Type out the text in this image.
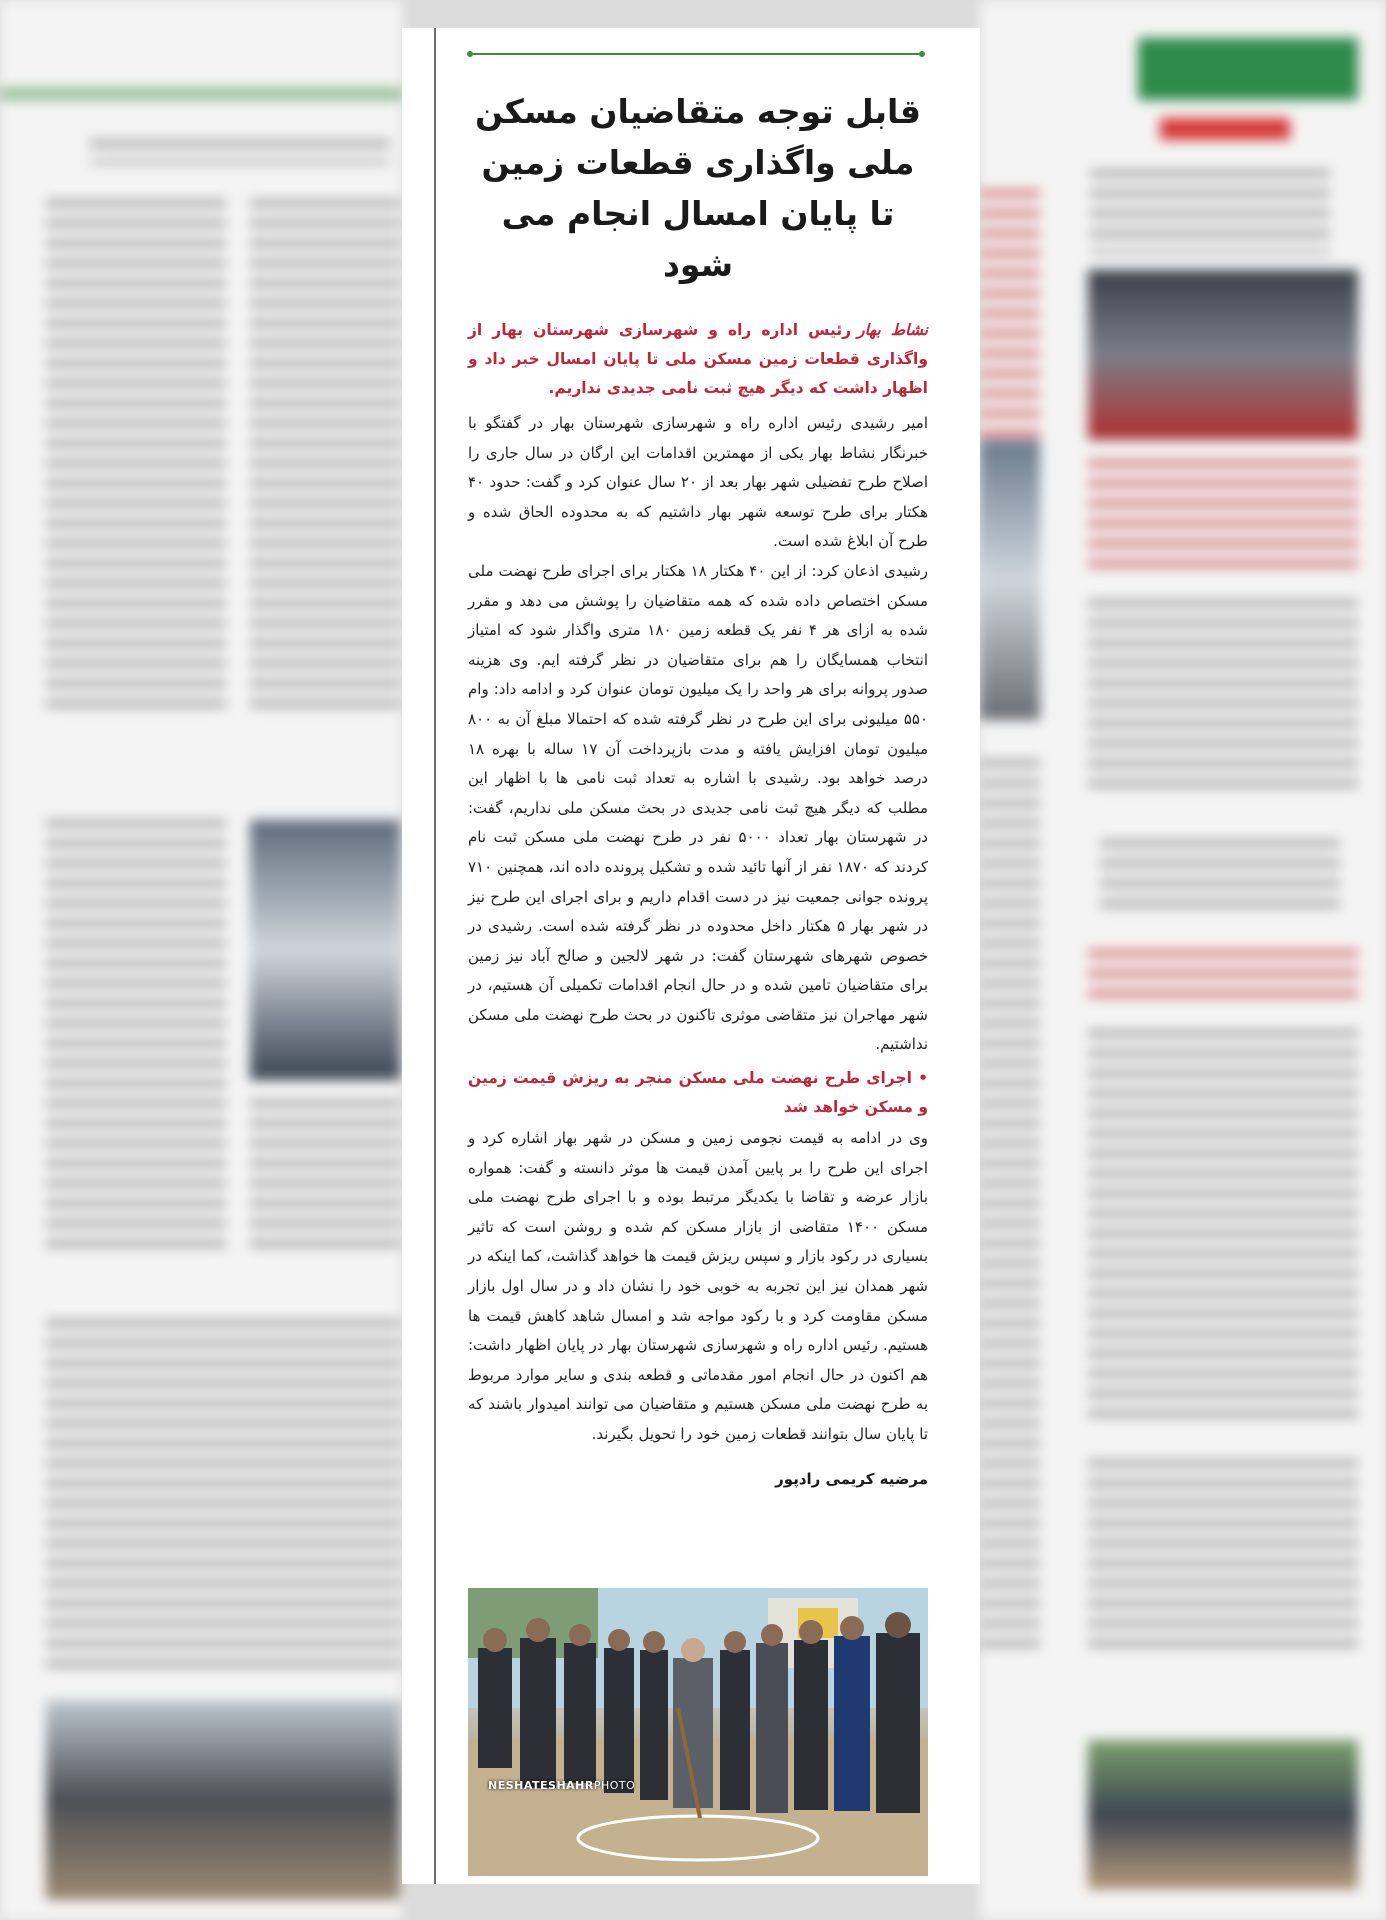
قابل توجه متقاضیان مسکن ملی واگذاری قطعات زمین تا پایان امسال انجام می شود

نشاط بهاررئیس اداره راه و شهرسازی شهرستان بهار از واگذاری قطعات زمین مسکن ملی تا پایان امسال خبر داد و اظهار داشت که دیگر هیچ ثبت نامی جدیدی نداریم.

امیر رشیدی رئیس اداره راه و شهرسازی شهرستان بهار در گفتگو با خبرنگار نشاط بهار یکی از مهمترین اقدامات این ارگان در سال جاری را اصلاح طرح تفضیلی شهر بهار بعد از ۲۰ سال عنوان کرد و گفت: حدود ۴۰ هکتار برای طرح توسعه شهر بهار داشتیم که به محدوده الحاق شده و طرح آن ابلاغ شده است.

رشیدی اذعان کرد: از این ۴۰ هکتار ۱۸ هکتار برای اجرای طرح نهضت ملی مسکن اختصاص داده شده که همه متقاضیان را پوشش می دهد و مقرر شده به ازای هر ۴ نفر یک قطعه زمین ۱۸۰ متری واگذار شود که امتیاز انتخاب همسایگان را هم برای متقاضیان در نظر گرفته ایم. وی هزینه صدور پروانه برای هر واحد را یک میلیون تومان عنوان کرد و ادامه داد: وام ۵۵۰ میلیونی برای این طرح در نظر گرفته شده که احتمالا مبلغ آن به ۸۰۰ میلیون تومان افزایش یافته و مدت بازپرداخت آن ۱۷ ساله با بهره ۱۸ درصد خواهد بود. رشیدی با اشاره به تعداد ثبت نامی ها با اظهار این مطلب که دیگر هیچ ثبت نامی جدیدی در بحث مسکن ملی نداریم، گفت: در شهرستان بهار تعداد ۵۰۰۰ نفر در طرح نهضت ملی مسکن ثبت نام کردند که ۱۸۷۰ نفر از آنها تائید شده و تشکیل پرونده داده اند، همچنین ۷۱۰ پرونده جوانی جمعیت نیز در دست اقدام داریم و برای اجرای این طرح نیز در شهر بهار ۵ هکتار داخل محدوده در نظر گرفته شده است. رشیدی در خصوص شهرهای شهرستان گفت: در شهر لالجین و صالح آباد نیز زمین برای متقاضیان تامین شده و در حال انجام اقدامات تکمیلی آن هستیم، در شهر مهاجران نیز متقاضی موثری تاکنون در بحث طرح نهضت ملی مسکن نداشتیم.

• اجرای طرح نهضت ملی مسکن منجر به ریزش قیمت زمین و مسکن خواهد شد

وی در ادامه به قیمت نجومی زمین و مسکن در شهر بهار اشاره کرد و اجرای این طرح را بر پایین آمدن قیمت ها موثر دانسته و گفت: همواره بازار عرضه و تقاضا با یکدیگر مرتبط بوده و با اجرای طرح نهضت ملی مسکن ۱۴۰۰ متقاضی از بازار مسکن کم شده و روشن است که تاثیر بسیاری در رکود بازار و سپس ریزش قیمت ها خواهد گذاشت، کما اینکه در شهر همدان نیز این تجربه به خوبی خود را نشان داد و در سال اول بازار مسکن مقاومت کرد و با رکود مواجه شد و امسال شاهد کاهش قیمت ها هستیم. رئیس اداره راه و شهرسازی شهرستان بهار در پایان اظهار داشت: هم اکنون در حال انجام امور مقدماتی و قطعه بندی و سایر موارد مربوط به طرح نهضت ملی مسکن هستیم و متقاضیان می توانند امیدوار باشند که تا پایان سال بتوانند قطعات زمین خود را تحویل بگیرند.

مرضیه کریمی رادپور

NESHATESHAHRPHOTO
